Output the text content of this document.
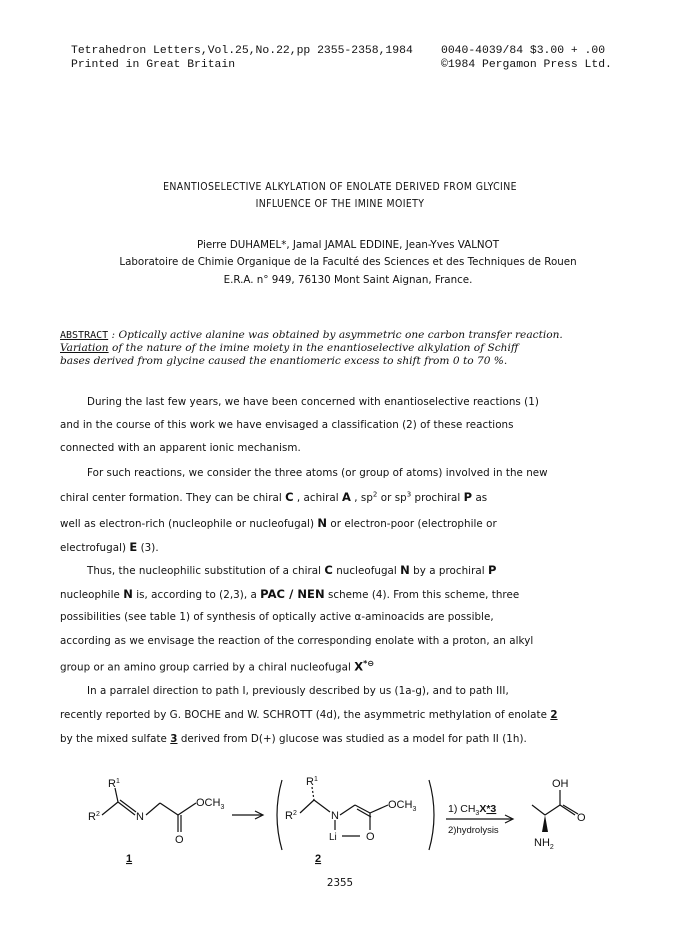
Tetrahedron Letters,Vol.25,No.22,pp 2355-2358,1984
Printed in Great Britain
0040-4039/84 $3.00 + .00
©1984 Pergamon Press Ltd.
ENANTIOSELECTIVE ALKYLATION OF ENOLATE DERIVED FROM GLYCINE
INFLUENCE OF THE IMINE MOIETY
Pierre DUHAMEL*, Jamal JAMAL EDDINE, Jean-Yves VALNOT
Laboratoire de Chimie Organique de la Faculté des Sciences et des Techniques de Rouen
E.R.A. n° 949, 76130 Mont Saint Aignan, France.
ABSTRACT : Optically active alanine was obtained by asymmetric one carbon transfer reaction.
Variation of the nature of the imine moiety in the enantioselective alkylation of Schiff
bases derived from glycine caused the enantiomeric excess to shift from 0 to 70 %.
During the last few years, we have been concerned with enantioselective reactions (1)
and in the course of this work we have envisaged a classification (2) of these reactions
connected with an apparent ionic mechanism.
For such reactions, we consider the three atoms (or group of atoms) involved in the new
chiral center formation. They can be chiral C , achiral A , $sp^2$ or $sp^3$ prochiral P as
well as electron-rich (nucleophile or nucleofugal) N or electron-poor (electrophile or
electrofugal) E (3).
Thus, the nucleophilic substitution of a chiral C nucleofugal N by a prochiral P
nucleophile N is, according to (2,3), a PAC / NEN scheme (4). From this scheme, three
possibilities (see table 1) of synthesis of optically active α-aminoacids are possible,
according as we envisage the reaction of the corresponding enolate with a proton, an alkyl
group or an amino group carried by a chiral nucleofugal X*⊖
In a parralel direction to path I, previously described by us (1a-g), and to path III,
recently reported by G. BOCHE and W. SCHROTT (4d), the asymmetric methylation of enolate 2
by the mixed sulfate 3 derived from D(+) glucose was studied as a model for path II (1h).
$R^1$
$R^2$	N
$OCH_3$
O
1
$R^1$
$R^2$	N
$OCH_3$
Li	O
2
1) $CH_3X*3$
2)hydrolysis
OH
O
$NH_2$
2355
